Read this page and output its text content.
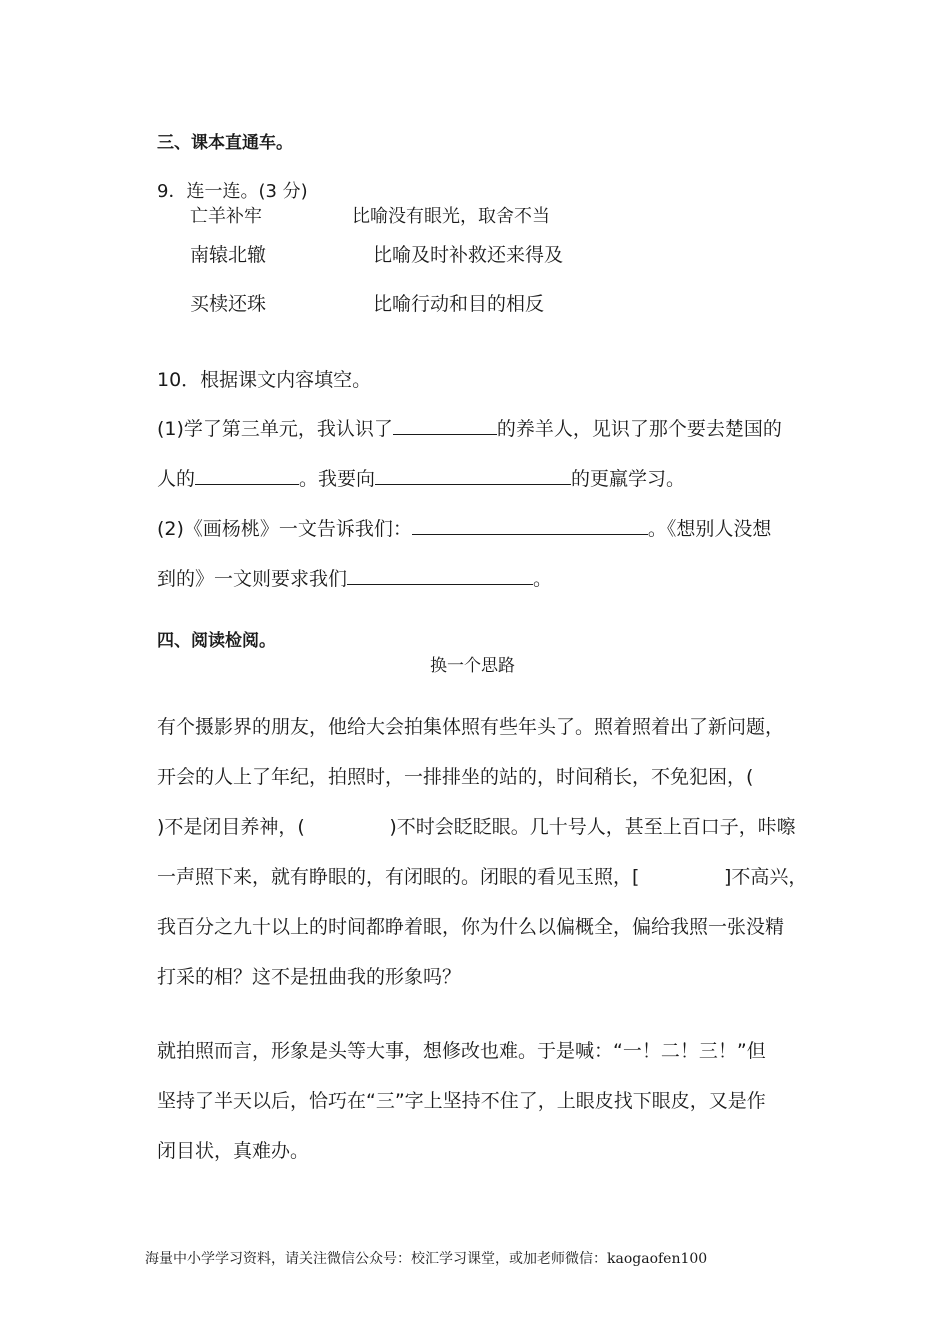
三、课本直通车。
9．连一连。(3 分)
亡羊补牢	比喻没有眼光，取舍不当
南辕北辙	比喻及时补救还来得及
买椟还珠	比喻行动和目的相反
10．根据课文内容填空。
(1)学了第三单元，我认识了	的养羊人，见识了那个要去楚国的
人的	。我要向	的更羸学习。
(2)《画杨桃》一文告诉我们：	。《想别人没想
到的》一文则要求我们	。
四、阅读检阅。
换一个思路
有个摄影界的朋友，他给大会拍集体照有些年头了。照着照着出了新问题，
开会的人上了年纪，拍照时，一排排坐的站的，时间稍长，不免犯困，(
)不是闭目养神，(              )不时会眨眨眼。几十号人，甚至上百口子，咔嚓
一声照下来，就有睁眼的，有闭眼的。闭眼的看见玉照，[              ]不高兴，
我百分之九十以上的时间都睁着眼，你为什么以偏概全，偏给我照一张没精
打采的相？这不是扭曲我的形象吗？
就拍照而言，形象是头等大事，想修改也难。于是喊：“一！二！三！”但
坚持了半天以后，恰巧在“三”字上坚持不住了，上眼皮找下眼皮，又是作
闭目状，真难办。
海量中小学学习资料，请关注微信公众号：校汇学习课堂，或加老师微信：kaogaofen100
